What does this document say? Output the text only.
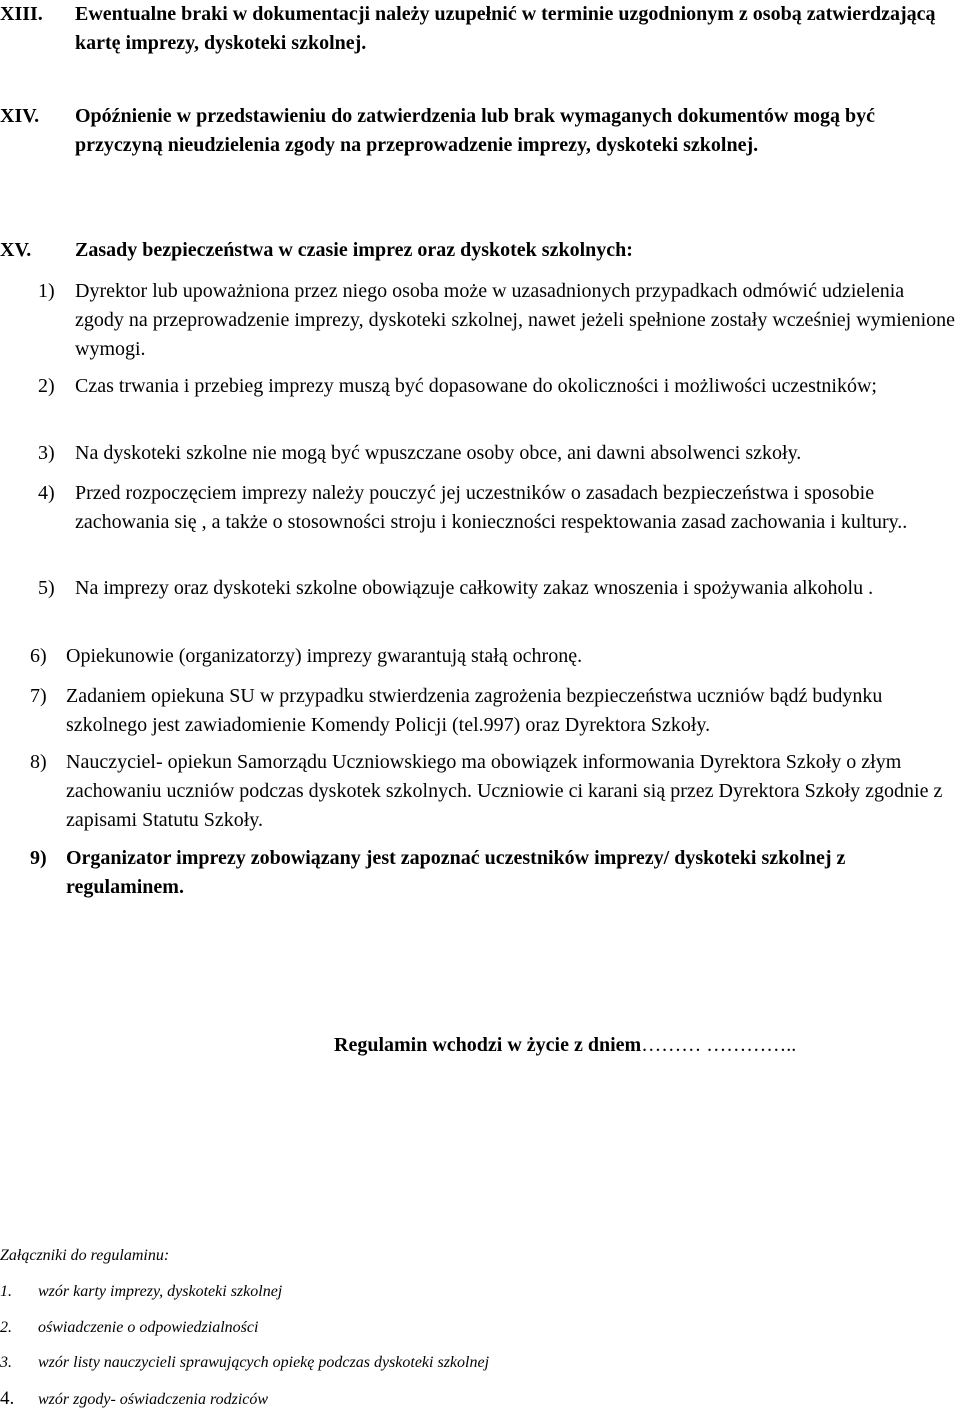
XIII. Ewentualne braki w dokumentacji należy uzupełnić w terminie uzgodnionym z osobą zatwierdzającą kartę imprezy, dyskoteki szkolnej.
XIV. Opóźnienie w przedstawieniu do zatwierdzenia lub brak wymaganych dokumentów mogą być przyczyną nieudzielenia zgody na przeprowadzenie imprezy, dyskoteki szkolnej.
XV. Zasady bezpieczeństwa w czasie imprez oraz dyskotek szkolnych:
1) Dyrektor lub upoważniona przez niego osoba może w uzasadnionych przypadkach odmówić udzielenia zgody na przeprowadzenie imprezy, dyskoteki szkolnej, nawet jeżeli spełnione zostały wcześniej wymienione wymogi.
2) Czas trwania i przebieg imprezy muszą być dopasowane do okoliczności i możliwości uczestników;
3) Na dyskoteki szkolne nie mogą być wpuszczane osoby obce, ani dawni absolwenci szkoły.
4) Przed rozpoczęciem imprezy należy pouczyć jej uczestników o zasadach bezpieczeństwa i sposobie zachowania się , a także o stosowności stroju i konieczności respektowania zasad zachowania i kultury..
5) Na imprezy oraz dyskoteki szkolne obowiązuje całkowity zakaz wnoszenia i spożywania alkoholu .
6) Opiekunowie (organizatorzy) imprezy gwarantują stałą ochronę.
7) Zadaniem opiekuna SU w przypadku stwierdzenia zagrożenia bezpieczeństwa uczniów bądź budynku szkolnego jest zawiadomienie Komendy Policji (tel.997) oraz Dyrektora Szkoły.
8) Nauczyciel- opiekun Samorządu Uczniowskiego ma obowiązek informowania Dyrektora Szkoły o złym zachowaniu uczniów podczas dyskotek szkolnych. Uczniowie ci karani sią przez Dyrektora Szkoły zgodnie z zapisami Statutu Szkoły.
9) Organizator imprezy zobowiązany jest zapoznać uczestników imprezy/ dyskoteki szkolnej z regulaminem.
Regulamin wchodzi w życie z dniem……… …………..
Załączniki do regulaminu:
1. wzór karty imprezy, dyskoteki szkolnej
2. oświadczenie o odpowiedzialności
3. wzór listy nauczycieli sprawujących opiekę podczas dyskoteki szkolnej
4. wzór zgody- oświadczenia rodziców
